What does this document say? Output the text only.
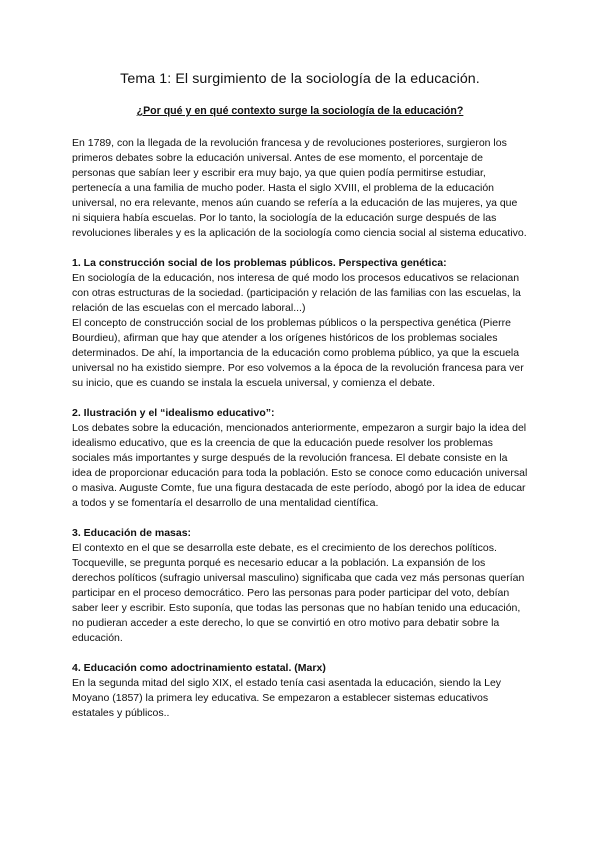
Tema 1: El surgimiento de la sociología de la educación.
¿Por qué y en qué contexto surge la sociología de la educación?

En 1789, con la llegada de la revolución francesa y de revoluciones posteriores, surgieron los primeros debates sobre la educación universal. Antes de ese momento, el porcentaje de personas que sabían leer y escribir era muy bajo, ya que quien podía permitirse estudiar, pertenecía a una familia de mucho poder. Hasta el siglo XVIII, el problema de la educación universal, no era relevante, menos aún cuando se refería a la educación de las mujeres, ya que ni siquiera había escuelas. Por lo tanto, la sociología de la educación surge después de las revoluciones liberales y es la aplicación de la sociología como ciencia social al sistema educativo.

1. La construcción social de los problemas públicos. Perspectiva genética:

En sociología de la educación, nos interesa de qué modo los procesos educativos se relacionan con otras estructuras de la sociedad. (participación y relación de las familias con las escuelas, la relación de las escuelas con el mercado laboral...)

El concepto de construcción social de los problemas públicos o la perspectiva genética (Pierre Bourdieu), afirman que hay que atender a los orígenes históricos de los problemas sociales determinados. De ahí, la importancia de la educación como problema público, ya que la escuela universal no ha existido siempre. Por eso volvemos a la época de la revolución francesa para ver su inicio, que es cuando se instala la escuela universal, y comienza el debate.

2. Ilustración y el “idealismo educativo”:

Los debates sobre la educación, mencionados anteriormente, empezaron a surgir bajo la idea del idealismo educativo, que es la creencia de que la educación puede resolver los problemas sociales más importantes y surge después de la revolución francesa. El debate consiste en la idea de proporcionar educación para toda la población. Esto se conoce como educación universal o masiva. Auguste Comte, fue una figura destacada de este período, abogó por la idea de educar a todos y se fomentaría el desarrollo de una mentalidad científica.

3. Educación de masas:

El contexto en el que se desarrolla este debate, es el crecimiento de los derechos políticos. Tocqueville, se pregunta porqué es necesario educar a la población. La expansión de los derechos políticos (sufragio universal masculino) significaba que cada vez más personas querían participar en el proceso democrático. Pero las personas para poder participar del voto, debían saber leer y escribir. Esto suponía, que todas las personas que no habían tenido una educación, no pudieran acceder a este derecho, lo que se convirtió en otro motivo para debatir sobre la educación.

4. Educación como adoctrinamiento estatal. (Marx)

En la segunda mitad del siglo XIX, el estado tenía casi asentada la educación, siendo la Ley Moyano (1857) la primera ley educativa. Se empezaron a establecer sistemas educativos estatales y públicos..
